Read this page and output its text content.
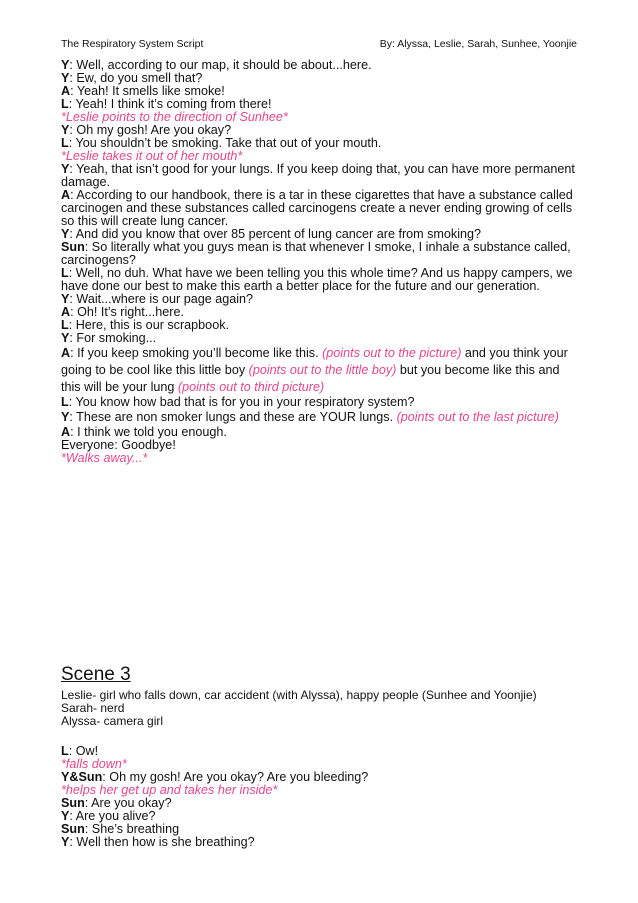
The Respiratory System Script	By: Alyssa, Leslie, Sarah, Sunhee, Yoonjie

Y: Well, according to our map, it should be about...here.

Y: Ew, do you smell that?

A: Yeah! It smells like smoke!

L: Yeah! I think it’s coming from there!

*Leslie points to the direction of Sunhee*

Y: Oh my gosh! Are you okay?

L: You shouldn’t be smoking. Take that out of your mouth.

*Leslie takes it out of her mouth*

Y: Yeah, that isn’t good for your lungs. If you keep doing that, you can have more permanent damage.

A: According to our handbook, there is a tar in these cigarettes that have a substance called carcinogen and these substances called carcinogens create a never ending growing of cells so this will create lung cancer.

Y: And did you know that over 85 percent of lung cancer are from smoking?

Sun: So literally what you guys mean is that whenever I smoke, I inhale a substance called, carcinogens?

L: Well, no duh. What have we been telling you this whole time? And us happy campers, we have done our best to make this earth a better place for the future and our generation.

Y: Wait...where is our page again?

A: Oh! It’s right...here.

L: Here, this is our scrapbook.

Y: For smoking...

A: If you keep smoking you’ll become like this. (points out to the picture) and you think your going to be cool like this little boy (points out to the little boy) but you become like this and this will be your lung (points out to third picture)

L: You know how bad that is for you in your respiratory system?

Y: These are non smoker lungs and these are YOUR lungs. (points out to the last picture)

A: I think we told you enough.

Everyone: Goodbye!

*Walks away...*

Scene 3

Leslie- girl who falls down, car accident (with Alyssa), happy people (Sunhee and Yoonjie)

Sarah- nerd

Alyssa- camera girl

L: Ow!

*falls down*

Y&Sun: Oh my gosh! Are you okay? Are you bleeding?

*helps her get up and takes her inside*

Sun: Are you okay?

Y: Are you alive?

Sun: She’s breathing

Y: Well then how is she breathing?
